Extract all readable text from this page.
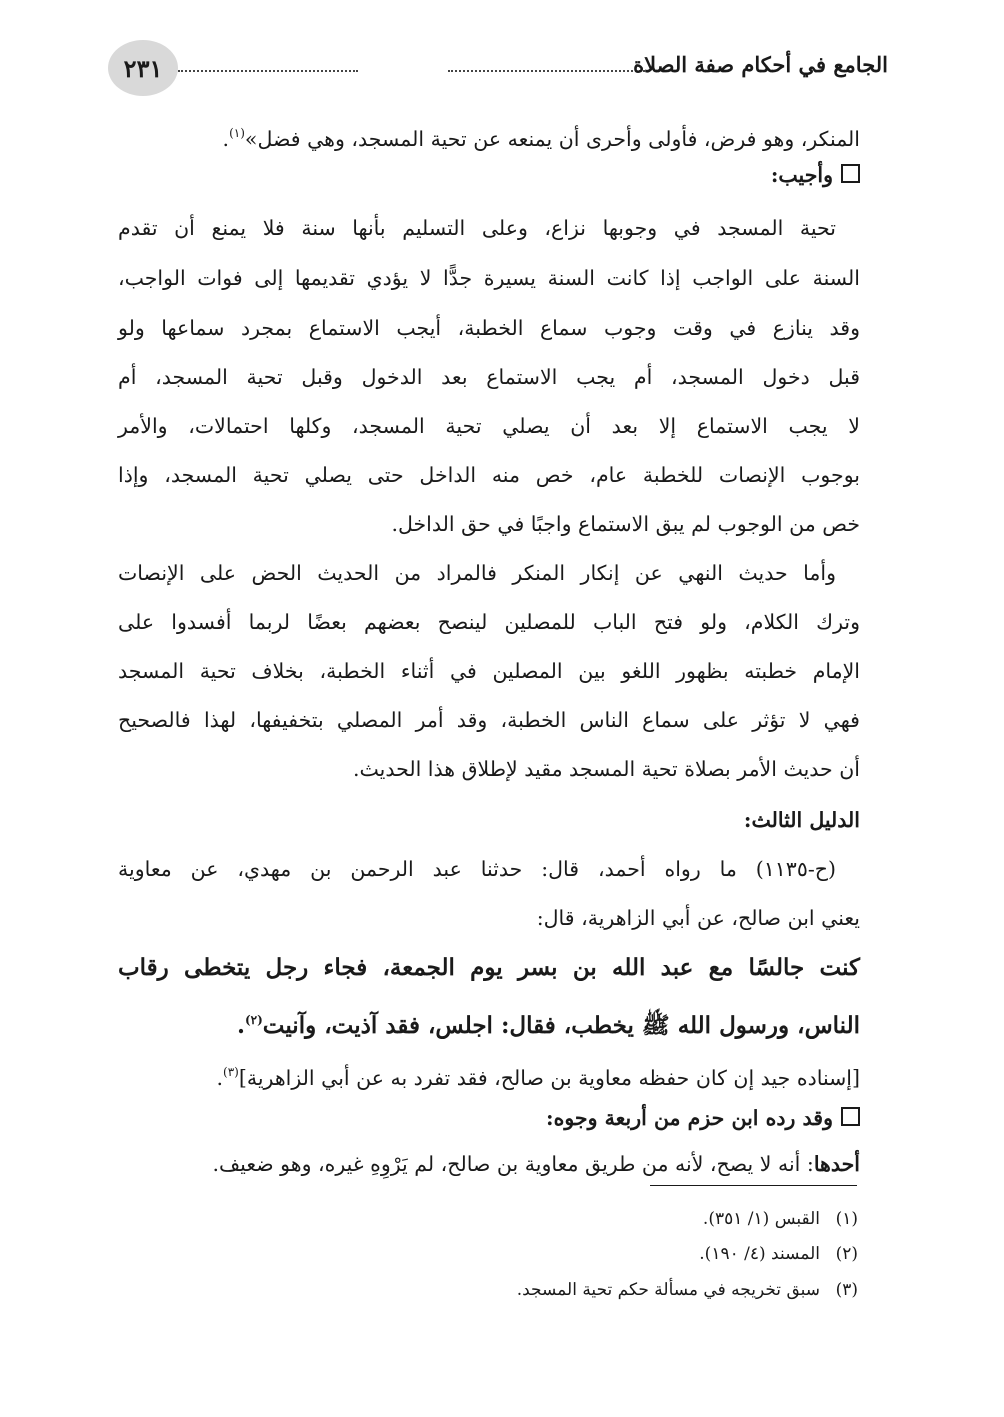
٢٣١	الجامع في أحكام صفة الصلاة
المنكر، وهو فرض، فأولى وأحرى أن يمنعه عن تحية المسجد، وهي فضل»$^{(١)}$.
وأجيب:
تحية المسجد في وجوبها نزاع، وعلى التسليم بأنها سنة فلا يمنع أن تقدم
السنة على الواجب إذا كانت السنة يسيرة جدًّا لا يؤدي تقديمها إلى فوات الواجب،
وقد ينازع في وقت وجوب سماع الخطبة، أيجب الاستماع بمجرد سماعها ولو
قبل دخول المسجد، أم يجب الاستماع بعد الدخول وقبل تحية المسجد، أم
لا يجب الاستماع إلا بعد أن يصلي تحية المسجد، وكلها احتمالات، والأمر
بوجوب الإنصات للخطبة عام، خص منه الداخل حتى يصلي تحية المسجد، وإذا
خص من الوجوب لم يبق الاستماع واجبًا في حق الداخل.
وأما حديث النهي عن إنكار المنكر فالمراد من الحديث الحض على الإنصات
وترك الكلام، ولو فتح الباب للمصلين لينصح بعضهم بعضًا لربما أفسدوا على
الإمام خطبته بظهور اللغو بين المصلين في أثناء الخطبة، بخلاف تحية المسجد
فهي لا تؤثر على سماع الناس الخطبة، وقد أمر المصلي بتخفيفها، لهذا فالصحيح
أن حديث الأمر بصلاة تحية المسجد مقيد لإطلاق هذا الحديث.
الدليل الثالث:
(ح-١١٣٥) ما رواه أحمد، قال: حدثنا عبد الرحمن بن مهدي، عن معاوية
يعني ابن صالح، عن أبي الزاهرية، قال:
كنت جالسًا مع عبد الله بن بسر يوم الجمعة، فجاء رجل يتخطى رقاب
الناس، ورسول الله ﷺ يخطب، فقال: اجلس، فقد آذيت، وآنيت$^{(٢)}$.
[إسناده جيد إن كان حفظه معاوية بن صالح، فقد تفرد به عن أبي الزاهرية]$^{(٣)}$.
وقد رده ابن حزم من أربعة وجوه:
أحدها: أنه لا يصح، لأنه من طريق معاوية بن صالح، لم يَرْوِهِ غيره، وهو ضعيف.
(١)القبس (١/ ٣٥١).
(٢)المسند (٤/ ١٩٠).
(٣)سبق تخريجه في مسألة حكم تحية المسجد.
